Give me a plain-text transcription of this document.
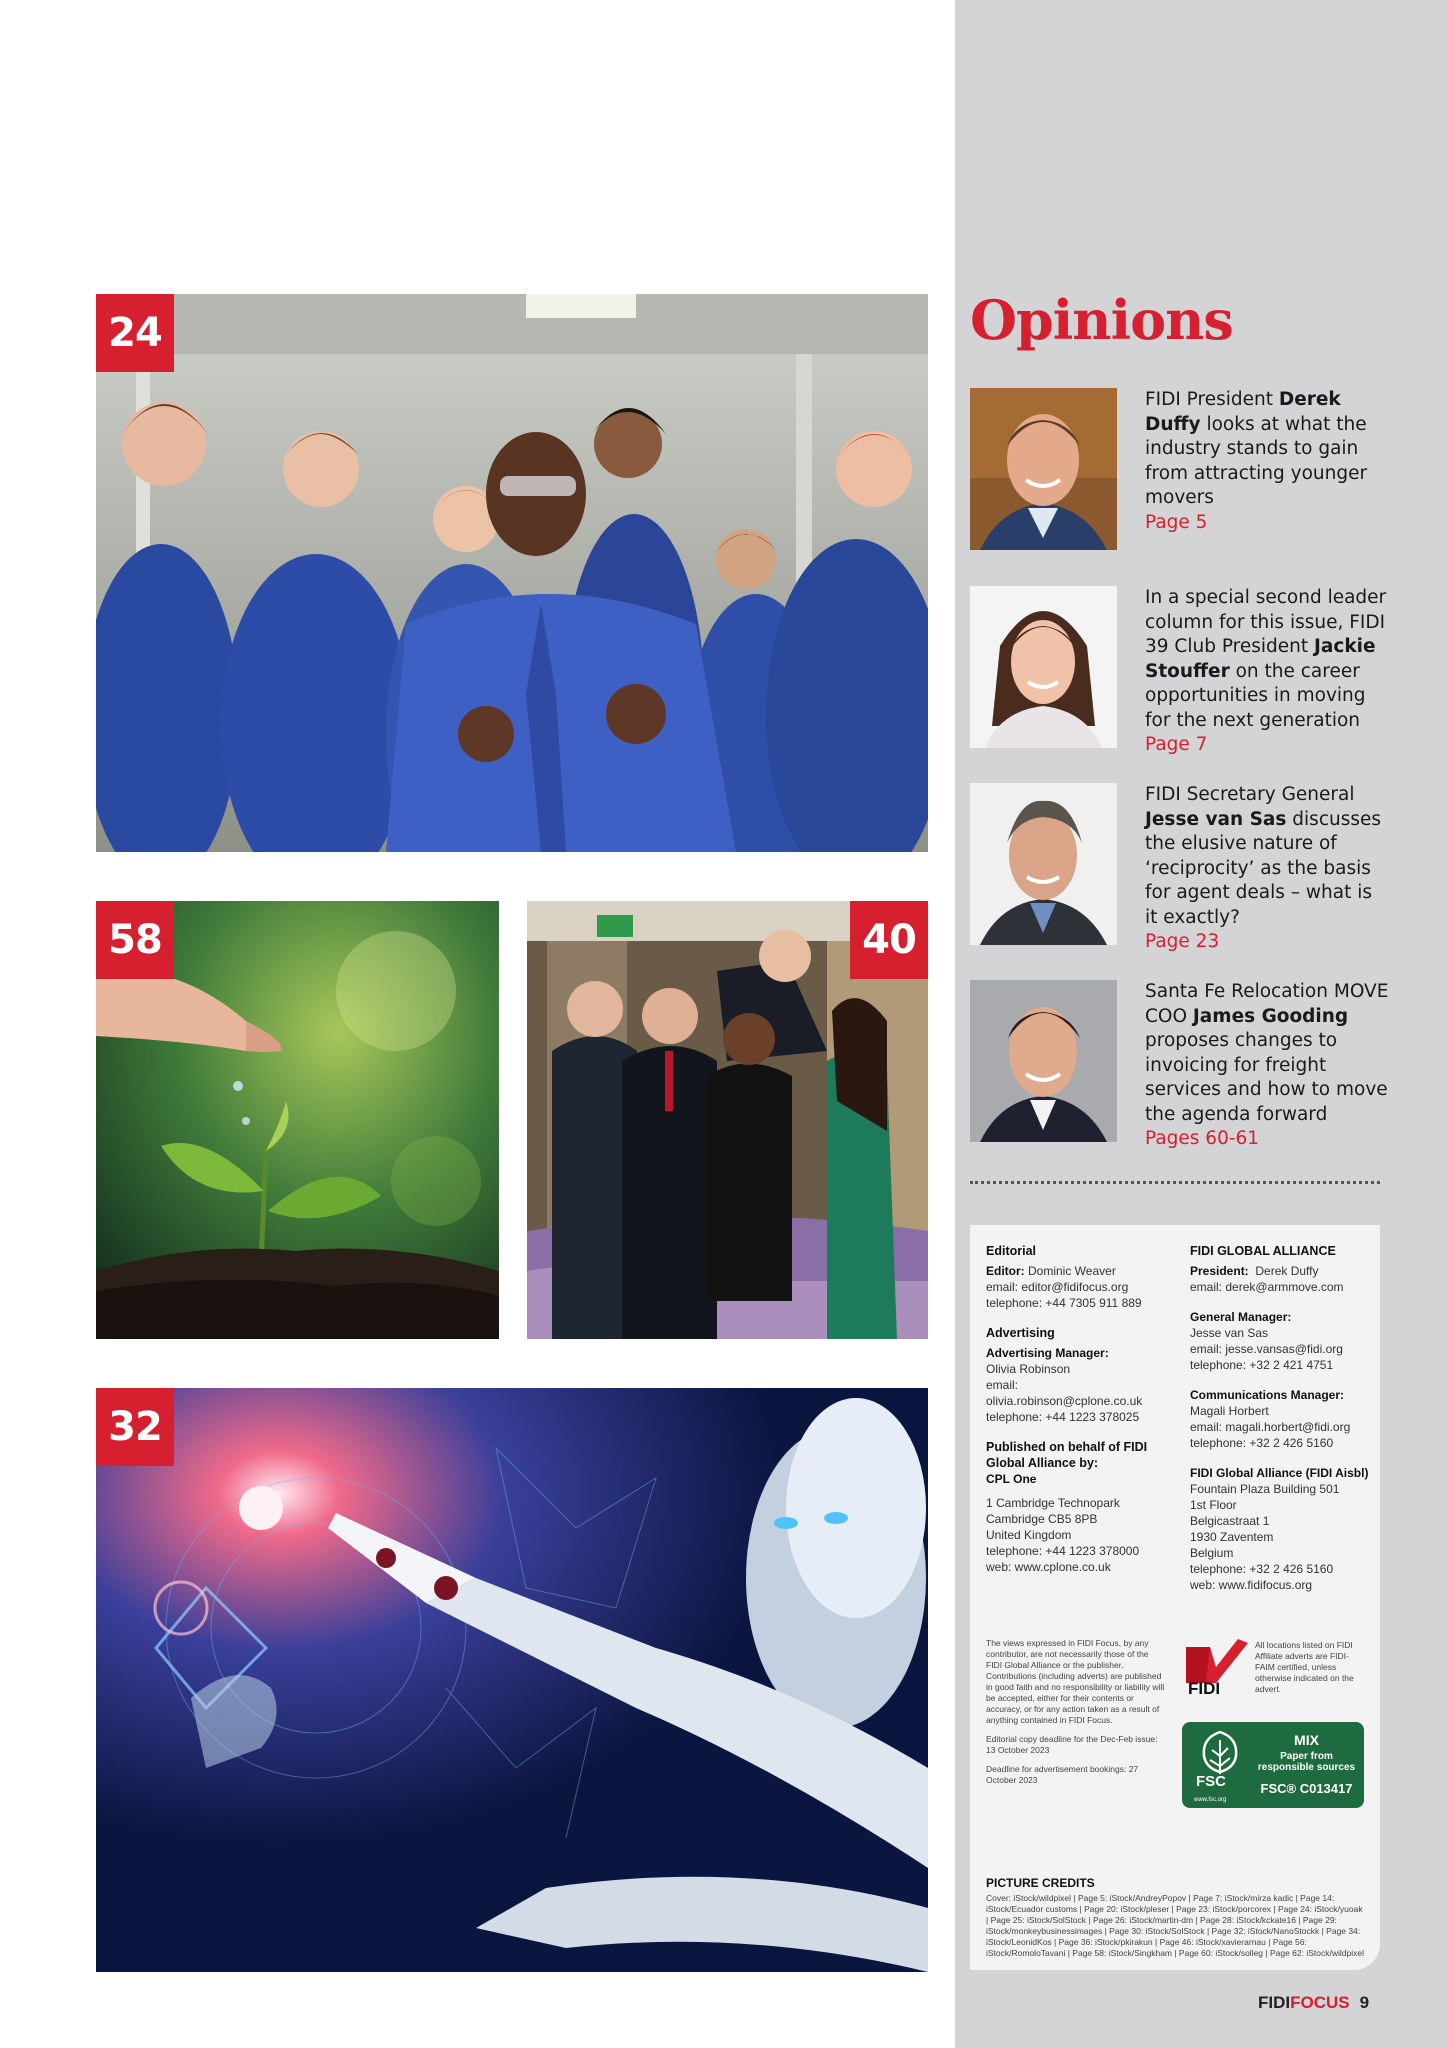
24
58	40
32
Opinions
FIDI President Derek Duffy looks at what the industry stands to gain from attracting younger movers
Page 5
In a special second leader column for this issue, FIDI 39 Club President Jackie Stouffer on the career opportunities in moving for the next generation
Page 7
FIDI Secretary General Jesse van Sas discusses the elusive nature of ‘reciprocity’ as the basis for agent deals – what is it exactly?
Page 23
Santa Fe Relocation MOVE COO James Gooding proposes changes to invoicing for freight services and how to move the agenda forward
Pages 60-61
Editorial
Editor: Dominic Weaver
email: editor@fidifocus.org
telephone: +44 7305 911 889
Advertising
Advertising Manager:
Olivia Robinson
email:
olivia.robinson@cplone.co.uk
telephone: +44 1223 378025
Published on behalf of FIDI Global Alliance by:
CPL One
1 Cambridge Technopark
Cambridge CB5 8PB
United Kingdom
telephone: +44 1223 378000
web: www.cplone.co.uk
FIDI GLOBAL ALLIANCE
President:  Derek Duffy
email: derek@armmove.com
General Manager:
Jesse van Sas
email: jesse.vansas@fidi.org
telephone: +32 2 421 4751
Communications Manager:
Magali Horbert
email: magali.horbert@fidi.org
telephone: +32 2 426 5160
FIDI Global Alliance (FIDI Aisbl)
Fountain Plaza Building 501
1st Floor
Belgicastraat 1
1930 Zaventem
Belgium
telephone: +32 2 426 5160
web: www.fidifocus.org
The views expressed in FIDI Focus, by any contributor, are not necessarily those of the FIDI Global Alliance or the publisher. Contributions (including adverts) are published in good faith and no responsibility or liability will be accepted, either for their contents or accuracy, or for any action taken as a result of anything contained in FIDI Focus.
Editorial copy deadline for the Dec-Feb issue: 13 October 2023
Deadline for advertisement bookings: 27 October 2023
FIDI
All locations listed on FIDI Affiliate adverts are FIDI-FAIM certified, unless otherwise indicated on the advert.
FSC
www.fsc.org
MIX
Paper from
responsible sources
FSC® C013417
PICTURE CREDITS
Cover: iStock/wildpixel | Page 5: iStock/AndreyPopov | Page 7: iStock/mirza kadic | Page 14: iStock/Ecuador customs | Page 20: iStock/pleser | Page 23: iStock/porcorex | Page 24: iStock/yuoak | Page 25: iStock/SolStock | Page 26: iStock/martin-dm | Page 28: iStock/kckate16 | Page 29: iStock/monkeybusinessimages | Page 30: iStock/SolStock | Page 32: iStock/NanoStockk | Page 34: iStock/LeonidKos | Page 36: iStock/pkirakun | Page 46: iStock/xavierarnau | Page 56: iStock/RomoloTavani | Page 58: iStock/Singkham | Page 60: iStock/solleg | Page 62: iStock/wildpixel
FIDIFOCUS 9
